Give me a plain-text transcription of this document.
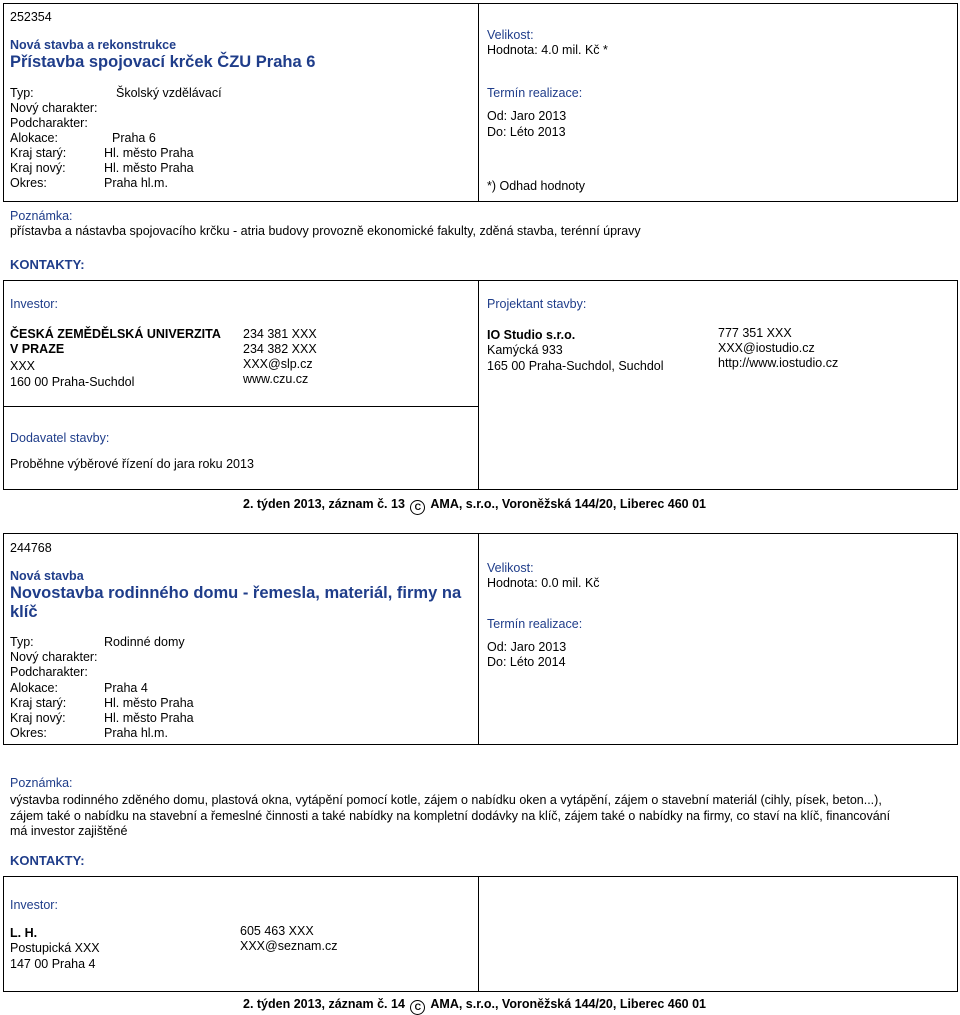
252354
Nová stavba a rekonstrukce
Přístavba spojovací krček ČZU Praha 6
Typ:	Školský vzdělávací
Nový charakter:
Podcharakter:
Alokace:	Praha 6
Kraj starý:	Hl. město Praha
Kraj nový:	Hl. město Praha
Okres:	Praha hl.m.
Velikost:
Hodnota: 4.0 mil. Kč *
Termín realizace:
Od: Jaro 2013
Do: Léto 2013
*) Odhad hodnoty
Poznámka:
přístavba a nástavba spojovacího krčku - atria budovy provozně ekonomické fakulty, zděná stavba, terénní úpravy
KONTAKTY:
Investor:
ČESKÁ ZEMĚDĚLSKÁ UNIVERZITA
V PRAZE
XXX
160 00 Praha-Suchdol
234 381 XXX
234 382 XXX
XXX@slp.cz
www.czu.cz
Projektant stavby:
IO Studio s.r.o.
Kamýcká 933
165 00 Praha-Suchdol, Suchdol
777 351 XXX
XXX@iostudio.cz
http://www.iostudio.cz
Dodavatel stavby:
Proběhne výběrové řízení do jara roku 2013
2. týden 2013, záznam č. 13 C AMA, s.r.o., Voroněžská 144/20, Liberec 460 01
244768
Nová stavba
Novostavba rodinného domu - řemesla, materiál, firmy na
klíč
Typ:	Rodinné domy
Nový charakter:
Podcharakter:
Alokace:	Praha 4
Kraj starý:	Hl. město Praha
Kraj nový:	Hl. město Praha
Okres:	Praha hl.m.
Velikost:
Hodnota: 0.0 mil. Kč
Termín realizace:
Od: Jaro 2013
Do: Léto 2014
Poznámka:
výstavba rodinného zděného domu, plastová okna, vytápění pomocí kotle, zájem o nabídku oken a vytápění, zájem o stavební materiál (cihly, písek, beton...),
zájem také o nabídku na stavební a řemeslné činnosti a také nabídky na kompletní dodávky na klíč, zájem také o nabídky na firmy, co staví na klíč, financování
má investor zajištěné
KONTAKTY:
Investor:
L. H.
Postupická XXX
147 00 Praha 4
605 463 XXX
XXX@seznam.cz
2. týden 2013, záznam č. 14 C AMA, s.r.o., Voroněžská 144/20, Liberec 460 01
